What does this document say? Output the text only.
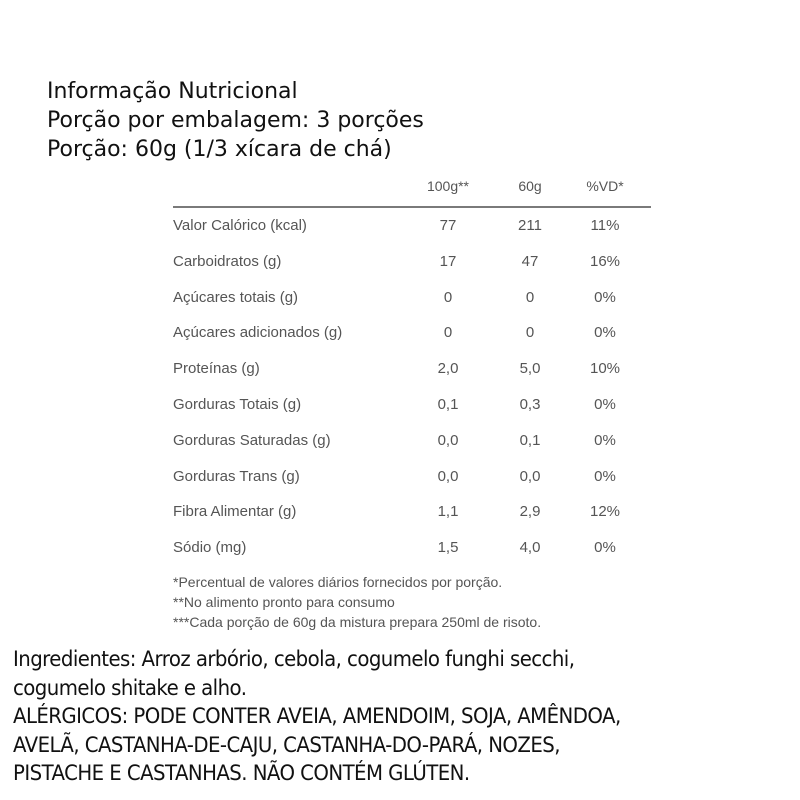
Informação Nutricional
Porção por embalagem: 3 porções
Porção: 60g (1/3 xícara de chá)
100g**	60g	%VD*
Valor Calórico (kcal)	77	211	11%
Carboidratos (g)	17	47	16%
Açúcares totais (g)	0	0	0%
Açúcares adicionados (g)	0	0	0%
Proteínas (g)	2,0	5,0	10%
Gorduras Totais (g)	0,1	0,3	0%
Gorduras Saturadas (g)	0,0	0,1	0%
Gorduras Trans (g)	0,0	0,0	0%
Fibra Alimentar (g)	1,1	2,9	12%
Sódio (mg)	1,5	4,0	0%
*Percentual de valores diários fornecidos por porção.
**No alimento pronto para consumo
***Cada porção de 60g da mistura prepara 250ml de risoto.
Ingredientes: Arroz arbório, cebola, cogumelo funghi secchi,
cogumelo shitake e alho.
ALÉRGICOS: PODE CONTER AVEIA, AMENDOIM, SOJA, AMÊNDOA,
AVELÃ, CASTANHA-DE-CAJU, CASTANHA-DO-PARÁ, NOZES,
PISTACHE E CASTANHAS. NÃO CONTÉM GLÚTEN.
